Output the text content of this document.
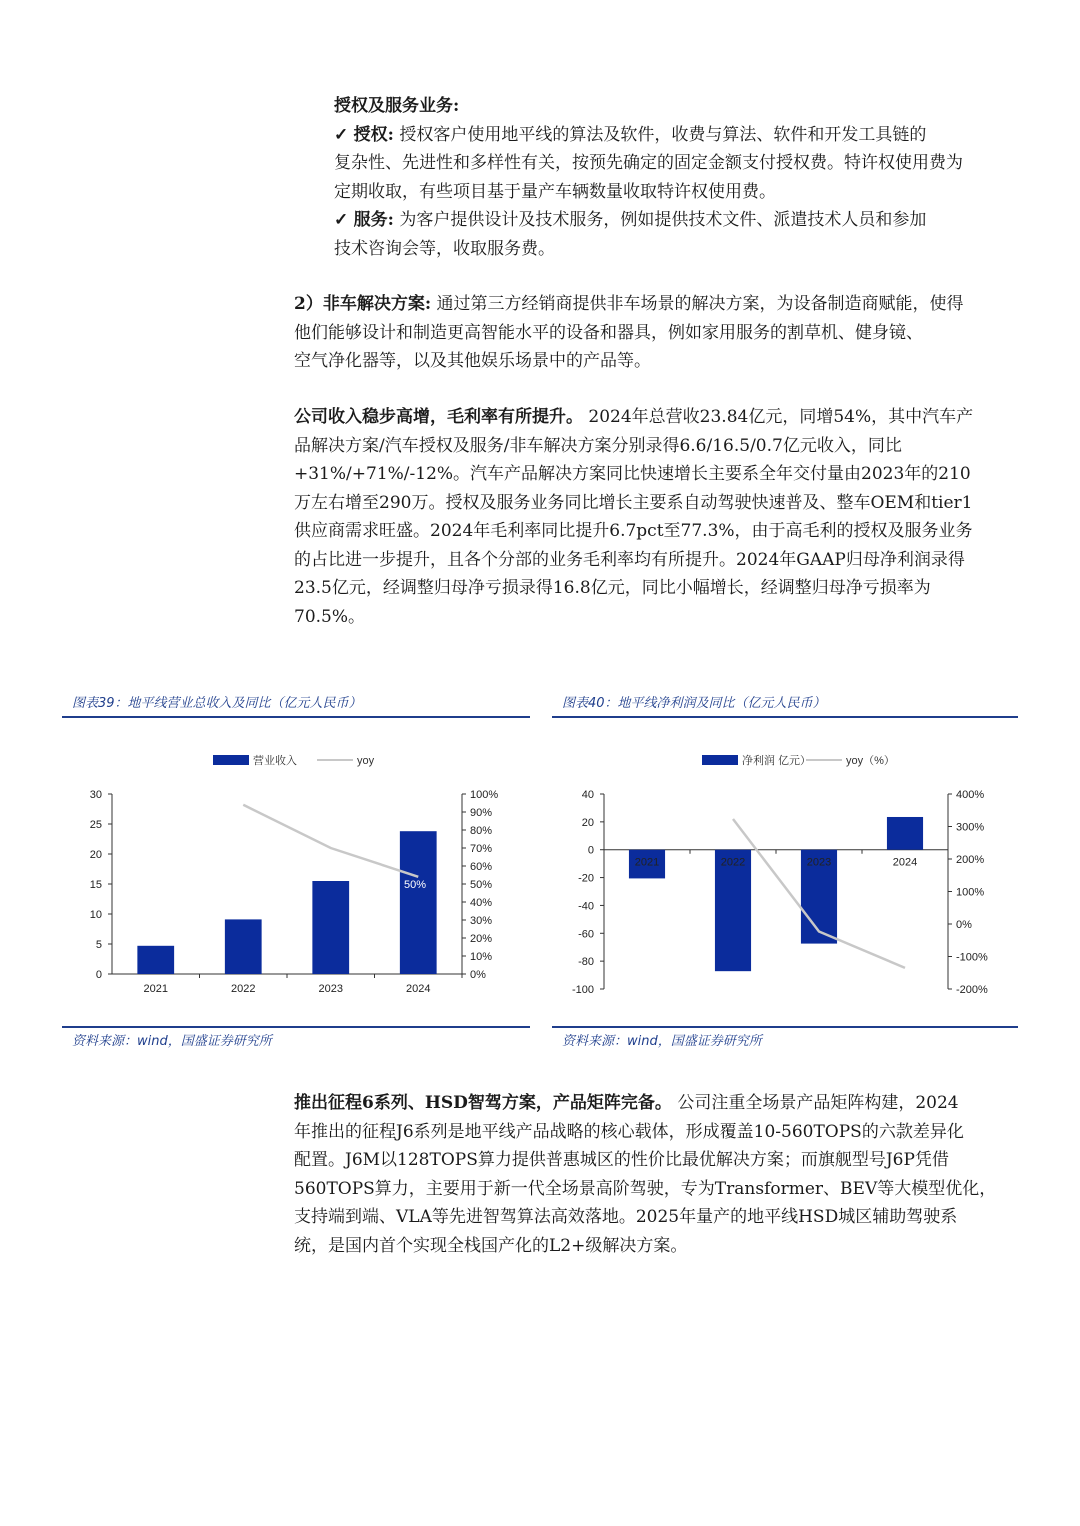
授权及服务业务:

✓ 授权: 授权客户使用地平线的算法及软件，收费与算法、软件和开发工具链的

复杂性、先进性和多样性有关，按预先确定的固定金额支付授权费。特许权使用费为

定期收取，有些项目基于量产车辆数量收取特许权使用费。

✓ 服务: 为客户提供设计及技术服务，例如提供技术文件、派遣技术人员和参加

技术咨询会等，收取服务费。

2）非车解决方案: 通过第三方经销商提供非车场景的解决方案，为设备制造商赋能，使得

他们能够设计和制造更高智能水平的设备和器具，例如家用服务的割草机、健身镜、

空气净化器等，以及其他娱乐场景中的产品等。

公司收入稳步高增，毛利率有所提升。 2024年总营收23.84亿元，同增54%，其中汽车产

品解决方案/汽车授权及服务/非车解决方案分别录得6.6/16.5/0.7亿元收入，同比

+31%/+71%/-12%。汽车产品解决方案同比快速增长主要系全年交付量由2023年的210

万左右增至290万。授权及服务业务同比增长主要系自动驾驶快速普及、整车OEM和tier1

供应商需求旺盛。2024年毛利率同比提升6.7pct至77.3%，由于高毛利的授权及服务业务

的占比进一步提升，且各个分部的业务毛利率均有所提升。2024年GAAP归母净利润录得

23.5亿元，经调整归母净亏损录得16.8亿元，同比小幅增长，经调整归母净亏损率为

70.5%。

图表39：地平线营业总收入及同比（亿元人民币）
营业收入	yoy
0
5
10
15
20
25
30
0%
10%
20%
30%
40%
50%
60%
70%
80%
90%
100%
2021	2022	2023	2024
50%
资料来源：wind，国盛证券研究所
图表40：地平线净利润及同比（亿元人民币）
净利润 亿元）	yoy（%）
-100
-80
-60
-40
-20
0
20
40
-200%
-100%
0%
100%
200%
300%
400%
2021	2022	2023	2024
资料来源：wind，国盛证券研究所

推出征程6系列、HSD智驾方案，产品矩阵完备。 公司注重全场景产品矩阵构建，2024

年推出的征程J6系列是地平线产品战略的核心载体，形成覆盖10-560TOPS的六款差异化

配置。J6M以128TOPS算力提供普惠城区的性价比最优解决方案；而旗舰型号J6P凭借

560TOPS算力，主要用于新一代全场景高阶驾驶，专为Transformer、BEV等大模型优化，

支持端到端、VLA等先进智驾算法高效落地。2025年量产的地平线HSD城区辅助驾驶系

统，是国内首个实现全栈国产化的L2+级解决方案。
